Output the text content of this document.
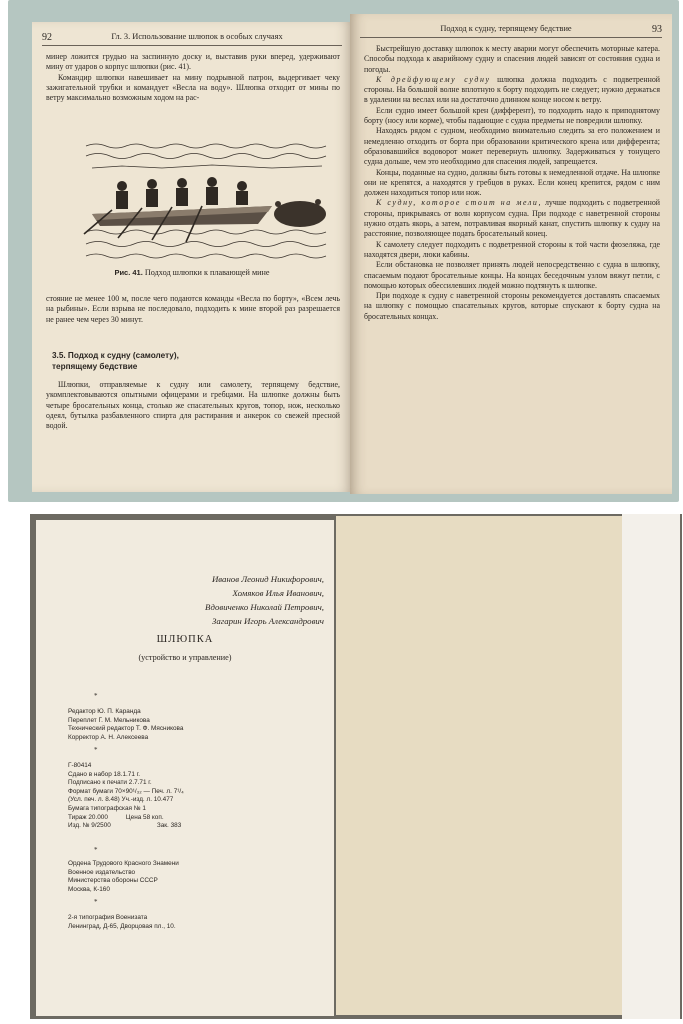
92	Гл. 3. Использование шлюпок в особых случаях

минер ложится грудью на заспинную доску и, выставив руки вперед, удерживают мину от ударов о корпус шлюпки (рис. 41).

Командир шлюпки навешивает на мину подрывной патрон, выдергивает чеку зажигательной трубки и командует «Весла на воду». Шлюпка отходит от мины по ветру максимально возможным ходом на рас-

Рис. 41. Подход шлюпки к плавающей мине

стояние не менее 100 м, после чего подаются команды «Весла по борту», «Всем лечь на рыбины». Если взрыва не последовало, подходить к мине второй раз разрешается не ранее чем через 30 минут.

3.5. Подход к судну (самолету),
терпящему бедствие

Шлюпки, отправляемые к судну или самолету, терпящему бедствие, укомплектовываются опытными офицерами и гребцами. На шлюпке должны быть четыре бросательных конца, столько же спасательных кругов, топор, нож, несколько одеял, бутылка разбавленного спирта для растирания и анкерок со свежей пресной водой.

Подход к судну, терпящему бедствие	93

Быстрейшую доставку шлюпок к месту аварии могут обеспечить моторные катера. Способы подхода к аварийному судну и спасения людей зависят от состояния судна и погоды.

К дрейфующему судну шлюпка должна подходить с подветренной стороны. На большой волне вплотную к борту подходить не следует; нужно держаться в удалении на веслах или на достаточно длинном конце носом к ветру.

Если судно имеет большой крен (дифферент), то подходить надо к приподнятому борту (носу или корме), чтобы падающие с судна предметы не повредили шлюпку.

Находясь рядом с судном, необходимо внимательно следить за его положением и немедленно отходить от борта при образовании критического крена или дифферента; образовавшийся водоворот может перевернуть шлюпку. Задерживаться у тонущего судна дольше, чем это необходимо для спасения людей, запрещается.

Концы, поданные на судно, должны быть готовы к немедленной отдаче. На шлюпке они не крепятся, а находятся у гребцов в руках. Если конец крепится, рядом с ним должен находиться топор или нож.

К судну, которое стоит на мели, лучше подходить с подветренной стороны, прикрываясь от волн корпусом судна. При подходе с наветренной стороны нужно отдать якорь, а затем, потравливая якорный канат, спустить шлюпку к судну на расстояние, позволяющее подать бросательный конец.

К самолету следует подходить с подветренной стороны к той части фюзеляжа, где находятся двери, люки кабины.

Если обстановка не позволяет принять людей непосредственно с судна в шлюпку, спасаемым подают бросательные концы. На концах беседочным узлом вяжут петли, с помощью которых обессилевших людей можно подтянуть к шлюпке.

При подходе к судну с наветренной стороны рекомендуется доставлять спасаемых на шлюпку с помощью спасательных кругов, которые спускают к борту судна на бросательных концах.

Иванов Леонид Никифорович,
Хомяков Илья Иванович,
Вдовиченко Николай Петрович,
Загарин Игорь Александрович
ШЛЮПКА
(устройство и управление)
*
Редактор Ю. П. Каранда
Переплет Г. М. Мельникова
Технический редактор Т. Ф. Мясникова
Корректор А. Н. Алексеева
*
Г-80414
Сдано в набор 18.1.71 г.
Подписано к печати 2.7.71 г.
Формат бумаги 70×90¹/₃₂ — Печ. л. 7¹/₄
(Усл. печ. л. 8.48) Уч.-изд. л. 10.477
Бумага типографская № 1
Тираж 20.000	Цена 58 коп.
Изд. № 9/2500	Зак. 383
*
Ордена Трудового Красного Знамени
Военное издательство
Министерства обороны СССР
Москва, К-160
*
2-я типография Военизата
Ленинград, Д-65, Дворцовая пл., 10.
